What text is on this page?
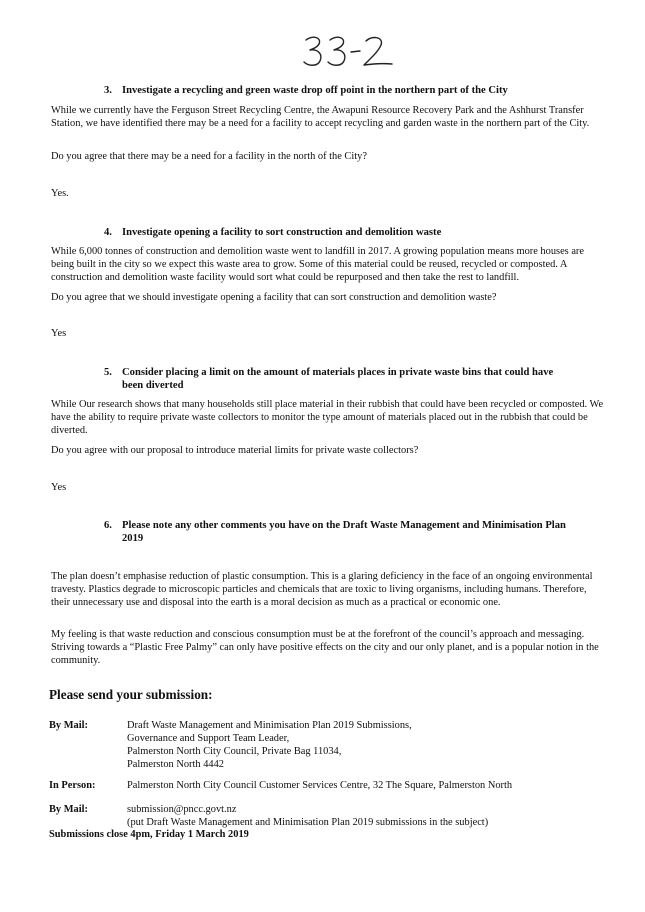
3. Investigate a recycling and green waste drop off point in the northern part of the City

While we currently have the Ferguson Street Recycling Centre, the Awapuni Resource Recovery Park and the Ashhurst Transfer Station, we have identified there may be a need for a facility to accept recycling and garden waste in the northern part of the City.

Do you agree that there may be a need for a facility in the north of the City?

Yes.

4. Investigate opening a facility to sort construction and demolition waste

While 6,000 tonnes of construction and demolition waste went to landfill in 2017. A growing population means more houses are being built in the city so we expect this waste area to grow. Some of this material could be reused, recycled or composted. A construction and demolition waste facility would sort what could be repurposed and then take the rest to landfill.

Do you agree that we should investigate opening a facility that can sort construction and demolition waste?

Yes

5. Consider placing a limit on the amount of materials places in private waste bins that could have
been diverted

While Our research shows that many households still place material in their rubbish that could have been recycled or composted. We have the ability to require private waste collectors to monitor the type amount of materials placed out in the rubbish that could be diverted.

Do you agree with our proposal to introduce material limits for private waste collectors?

Yes

6. Please note any other comments you have on the Draft Waste Management and Minimisation Plan
2019

The plan doesn’t emphasise reduction of plastic consumption. This is a glaring deficiency in the face of an ongoing environmental travesty. Plastics degrade to microscopic particles and chemicals that are toxic to living organisms, including humans. Therefore, their unnecessary use and disposal into the earth is a moral decision as much as a practical or economic one.

My feeling is that waste reduction and conscious consumption must be at the forefront of the council’s approach and messaging. Striving towards a “Plastic Free Palmy” can only have positive effects on the city and our only planet, and is a popular notion in the community.

Please send your submission:
By Mail:	Draft Waste Management and Minimisation Plan 2019 Submissions,
Governance and Support Team Leader,
Palmerston North City Council, Private Bag 11034,
Palmerston North 4442
In Person:	Palmerston North City Council Customer Services Centre, 32 The Square, Palmerston North
By Mail:	submission@pncc.govt.nz
(put Draft Waste Management and Minimisation Plan 2019 submissions in the subject)
Submissions close 4pm, Friday 1 March 2019
